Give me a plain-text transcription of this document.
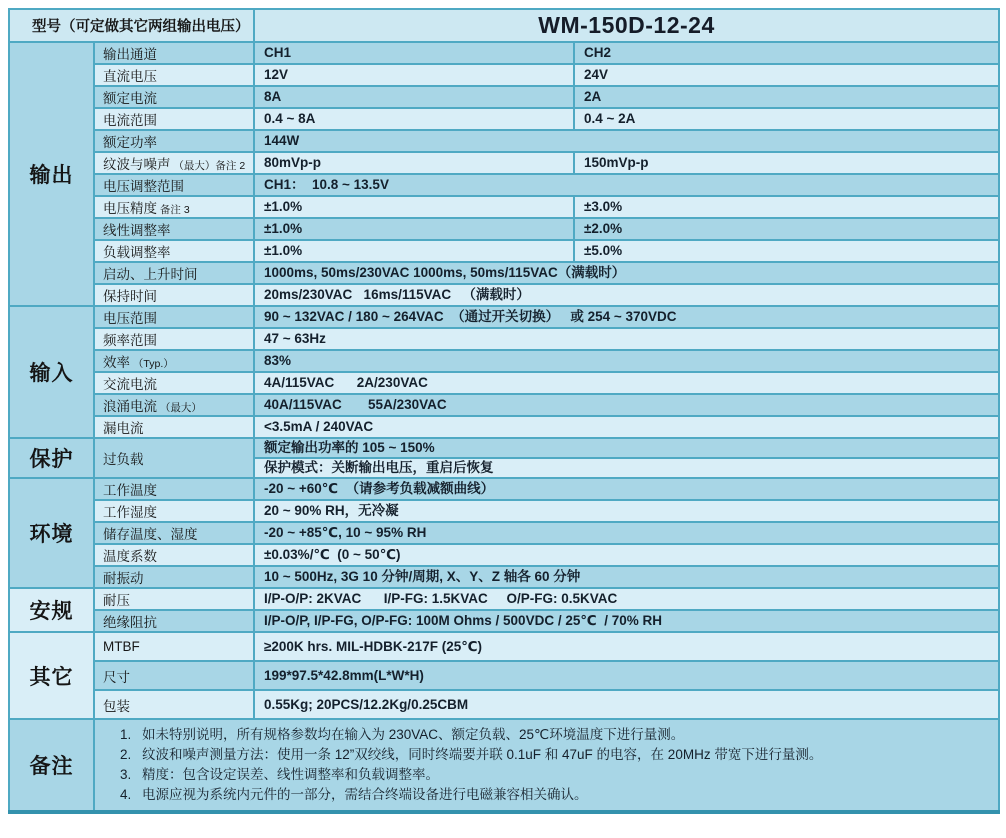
型号（可定做其它两组输出电压）		WM-150D-12-24	
输出	输出通道	CH1	CH2
	直流电压	12V	24V
	额定电流	8A	2A
	电流范围	0.4 ~ 8A	0.4 ~ 2A
	额定功率	144W	
	纹波与噪声 （最大）备注 2	80mVp-p	150mVp-p
	电压调整范围	CH1：  10.8 ~ 13.5V	
	电压精度 备注 3	±1.0%	±3.0%
	线性调整率	±1.0%	±2.0%
	负载调整率	±1.0%	±5.0%
	启动、上升时间	1000ms, 50ms/230VAC 1000ms, 50ms/115VAC（满载时）	
	保持时间	20ms/230VAC   16ms/115VAC   （满载时）	
输入	电压范围	90 ~ 132VAC / 180 ~ 264VAC  （通过开关切换）   或 254 ~ 370VDC	
	频率范围	47 ~ 63Hz	
	效率 （Typ.）	83%	
	交流电流	4A/115VAC      2A/230VAC	
	浪涌电流 （最大）	40A/115VAC       55A/230VAC	
	漏电流	<3.5mA / 240VAC	
保护	过负载	额定输出功率的 105 ~ 150%	
		保护模式：关断输出电压，重启后恢复	
环境	工作温度	-20 ~ +60℃  （请参考负载减额曲线）	
	工作湿度	20 ~ 90% RH，无冷凝	
	储存温度、湿度	-20 ~ +85℃, 10 ~ 95% RH	
	温度系数	±0.03%/℃  (0 ~ 50℃)	
	耐振动	10 ~ 500Hz, 3G 10 分钟/周期, X、Y、Z 轴各 60 分钟	
安规	耐压	I/P-O/P: 2KVAC      I/P-FG: 1.5KVAC     O/P-FG: 0.5KVAC	
	绝缘阻抗	I/P-O/P, I/P-FG, O/P-FG: 100M Ohms / 500VDC / 25℃  / 70% RH	
其它	MTBF	≥200K hrs. MIL-HDBK-217F (25℃)	
	尺寸	199*97.5*42.8mm(L*W*H)	
	包装	0.55Kg; 20PCS/12.2Kg/0.25CBM	
备注	
1. 如未特别说明，所有规格参数均在输入为 230VAC、额定负载、25℃环境温度下进行量测。
2. 纹波和噪声测量方法：使用一条 12”双绞线，同时终端要并联 0.1uF 和 47uF 的电容，在 20MHz 带宽下进行量测。
3. 精度：包含设定误差、线性调整率和负载调整率。
4. 电源应视为系统内元件的一部分，需结合终端设备进行电磁兼容相关确认。
